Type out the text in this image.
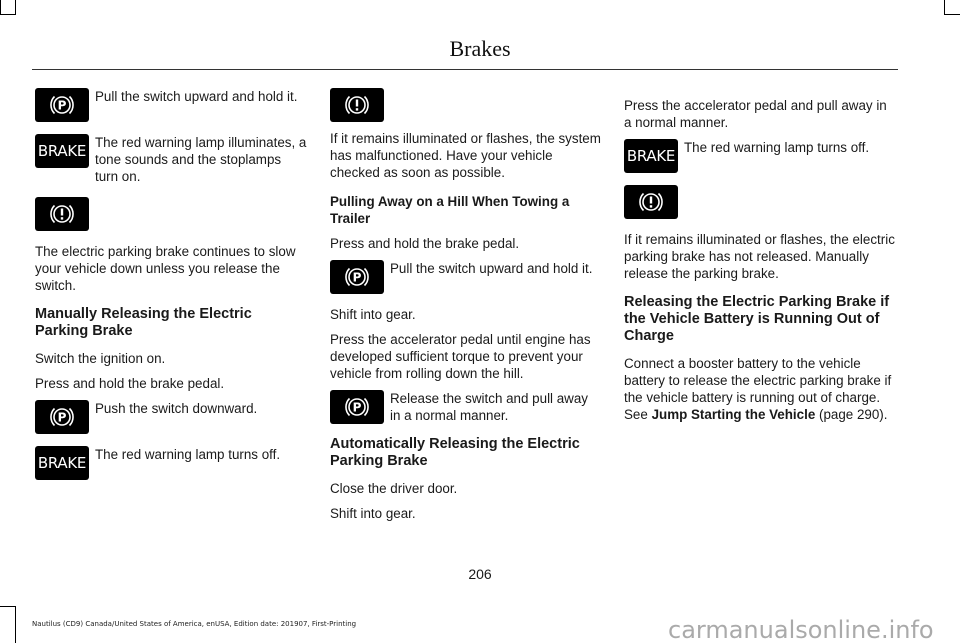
Brakes
P
Pull the switch upward and hold it.
BRAKE The red warning lamp illuminates, a tone sounds and the stoplamps turn on.

The electric parking brake continues to slow your vehicle down unless you release the switch.

Manually Releasing the Electric Parking Brake

Switch the ignition on.

Press and hold the brake pedal.

P
Push the switch downward.
BRAKE The red warning lamp turns off.

If it remains illuminated or flashes, the system has malfunctioned. Have your vehicle checked as soon as possible.

Pulling Away on a Hill When Towing a Trailer

Press and hold the brake pedal.

P
Pull the switch upward and hold it.

Shift into gear.

Press the accelerator pedal until engine has developed sufficient torque to prevent your vehicle from rolling down the hill.

P
Release the switch and pull away in a normal manner.
Automatically Releasing the Electric Parking Brake

Close the driver door.

Shift into gear.

Press the accelerator pedal and pull away in a normal manner.

BRAKE The red warning lamp turns off.

If it remains illuminated or flashes, the electric parking brake has not released. Manually release the parking brake.

Releasing the Electric Parking Brake if the Vehicle Battery is Running Out of Charge

Connect a booster battery to the vehicle battery to release the electric parking brake if the vehicle battery is running out of charge. See Jump Starting the Vehicle (page 290).

206
Nautilus (CD9) Canada/United States of America, enUSA, Edition date: 201907, First-Printing	carmanualsonline.info
